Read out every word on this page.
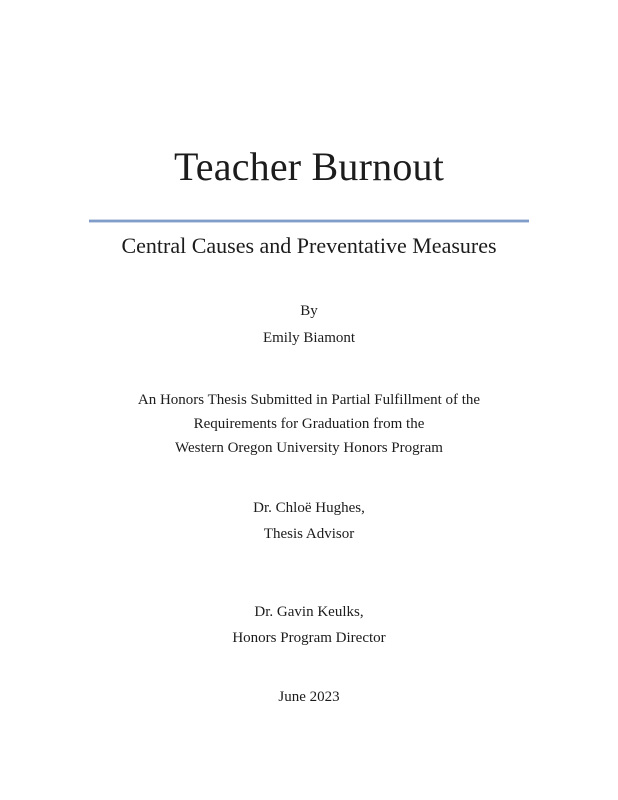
Teacher Burnout
Central Causes and Preventative Measures

By

Emily Biamont

An Honors Thesis Submitted in Partial Fulfillment of the

Requirements for Graduation from the

Western Oregon University Honors Program

Dr. Chloë Hughes,

Thesis Advisor

Dr. Gavin Keulks,

Honors Program Director

June 2023
